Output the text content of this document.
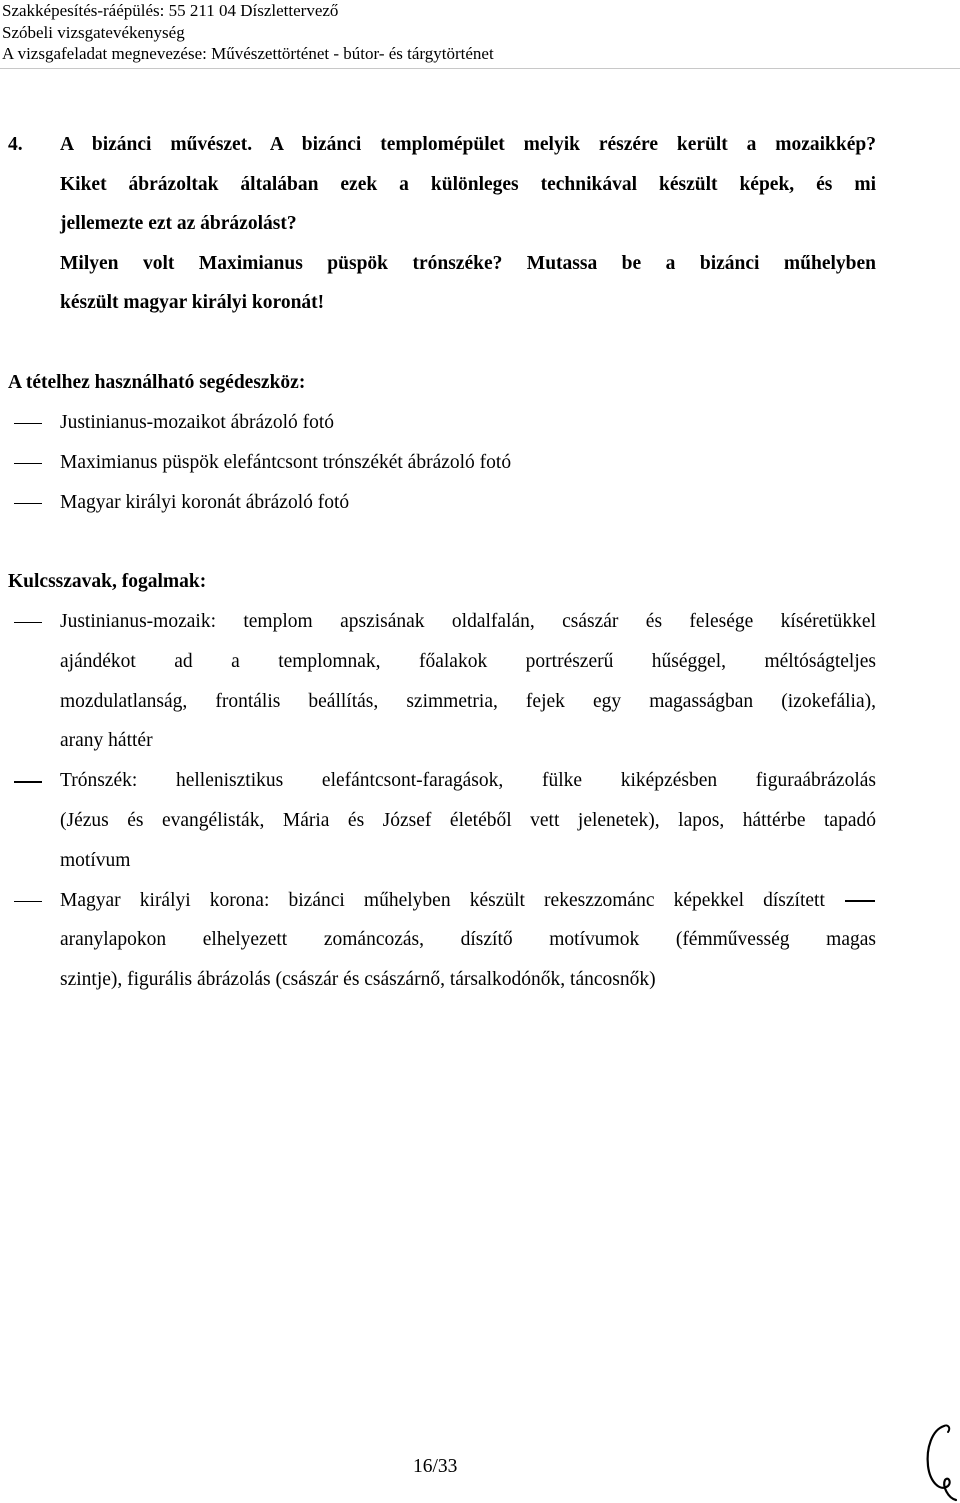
Szakképesítés-ráépülés: 55 211 04 Díszlettervező
Szóbeli vizsgatevékenység
A vizsgafeladat megnevezése: Művészettörténet - bútor- és tárgytörténet
4.	A bizánci művészet. A bizánci templomépület melyik részére került a mozaikkép?
Kiket ábrázoltak általában ezek a különleges technikával készült képek, és mi
jellemezte ezt az ábrázolást?
Milyen volt Maximianus püspök trónszéke? Mutassa be a bizánci műhelyben
készült magyar királyi koronát!
A tételhez használható segédeszköz:
Justinianus-mozaikot ábrázoló fotó
Maximianus püspök elefántcsont trónszékét ábrázoló fotó
Magyar királyi koronát ábrázoló fotó
Kulcsszavak, fogalmak:
Justinianus-mozaik: templom apszisának oldalfalán, császár és felesége kíséretükkel
ajándékot ad a templomnak, főalakok portrészerű hűséggel, méltóságteljes
mozdulatlanság, frontális beállítás, szimmetria, fejek egy magasságban (izokefália),
arany háttér
Trónszék: hellenisztikus elefántcsont-faragások, fülke kiképzésben figuraábrázolás
(Jézus és evangélisták, Mária és József életéből vett jelenetek), lapos, háttérbe tapadó
motívum
Magyar királyi korona: bizánci műhelyben készült rekeszzománc képekkel díszített
aranylapokon elhelyezett zománcozás, díszítő motívumok (fémművesség magas
szintje), figurális ábrázolás (császár és császárnő, társalkodónők, táncosnők)
16/33
